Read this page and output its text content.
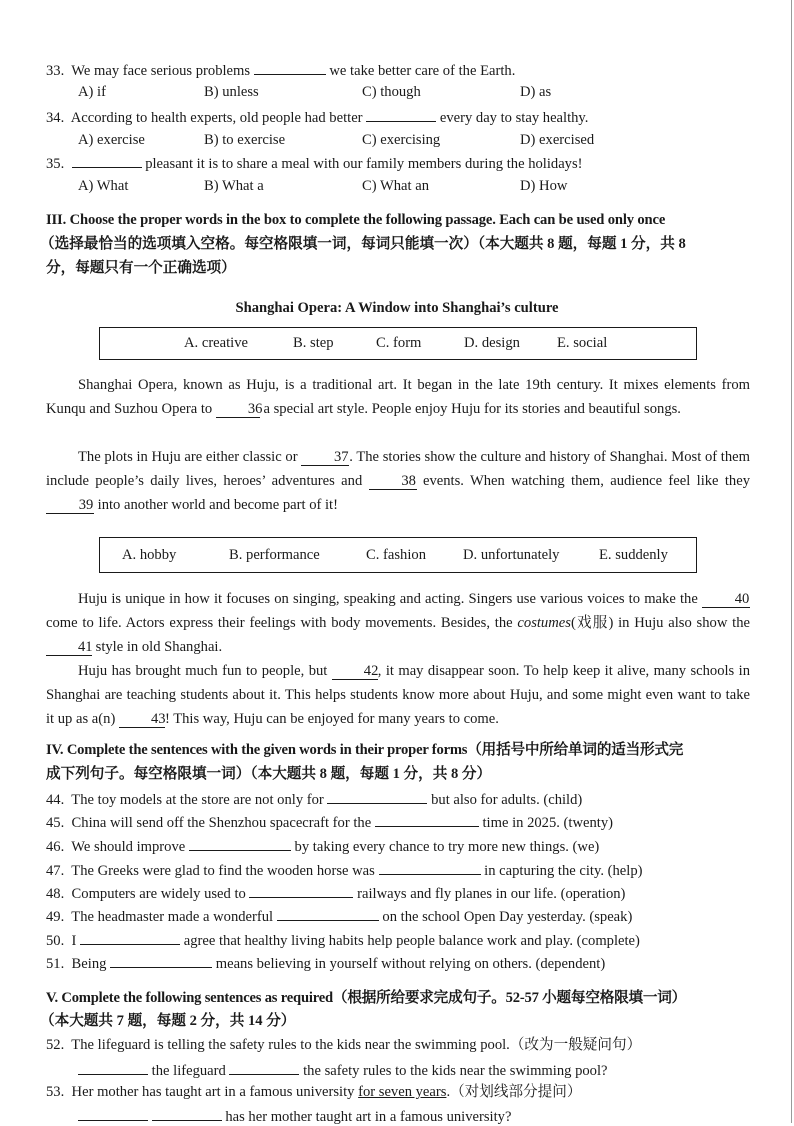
33. We may face serious problems	we take better care of the Earth.
A) if	B) unless	C) though	D) as
34. According to health experts, old people had better	every day to stay healthy.
A) exercise	B) to exercise	C) exercising	D) exercised
35.	pleasant it is to share a meal with our family members during the holidays!
A) What	B) What a	C) What an	D) How
III. Choose the proper words in the box to complete the following passage. Each can be used only once
（选择最恰当的选项填入空格。每空格限填一词，每词只能填一次）（本大题共 8 题，每题 1 分，共 8
分，每题只有一个正确选项）
Shanghai Opera: A Window into Shanghai’s culture
A. creative	B. step	C. form	D. design	E. social
Shanghai Opera, known as Huju, is a traditional art. It began in the late 19th century. It mixes elements from Kunqu and Suzhou Opera to 36 a special art style. People enjoy Huju for its stories and beautiful songs.
The plots in Huju are either classic or 37. The stories show the culture and history of Shanghai. Most of them include people’s daily lives, heroes’ adventures and	38 events. When watching them, audience feel like they 39 into another world and become part of it!
A. hobby	B. performance	C. fashion	D. unfortunately	E. suddenly
Huju is unique in how it focuses on singing, speaking and acting. Singers use various voices to make the	40 come to life. Actors express their feelings with body movements. Besides, the costumes(戏服) in Huju also show the 41 style in old Shanghai.
Huju has brought much fun to people, but 42, it may disappear soon. To help keep it alive, many schools in Shanghai are teaching students about it. This helps students know more about Huju, and some might even want to take it up as a(n) 43! This way, Huju can be enjoyed for many years to come.
IV. Complete the sentences with the given words in their proper forms（用括号中所给单词的适当形式完
成下列句子。每空格限填一词）（本大题共 8 题，每题 1 分，共 8 分）
44. The toy models at the store are not only for	but also for adults. (child)
45. China will send off the Shenzhou spacecraft for the	time in 2025. (twenty)
46. We should improve	by taking every chance to try more new things. (we)
47. The Greeks were glad to find the wooden horse was	in capturing the city. (help)
48. Computers are widely used to	railways and fly planes in our life. (operation)
49. The headmaster made a wonderful	on the school Open Day yesterday. (speak)
50. I	agree that healthy living habits help people balance work and play. (complete)
51. Being	means believing in yourself without relying on others. (dependent)
V. Complete the following sentences as required（根据所给要求完成句子。52-57 小题每空格限填一词）
（本大题共 7 题，每题 2 分，共 14 分）
52. The lifeguard is telling the safety rules to the kids near the swimming pool.（改为一般疑问句）
the lifeguard	the safety rules to the kids near the swimming pool?
53. Her mother has taught art in a famous university for seven years.（对划线部分提问）
has her mother taught art in a famous university?
